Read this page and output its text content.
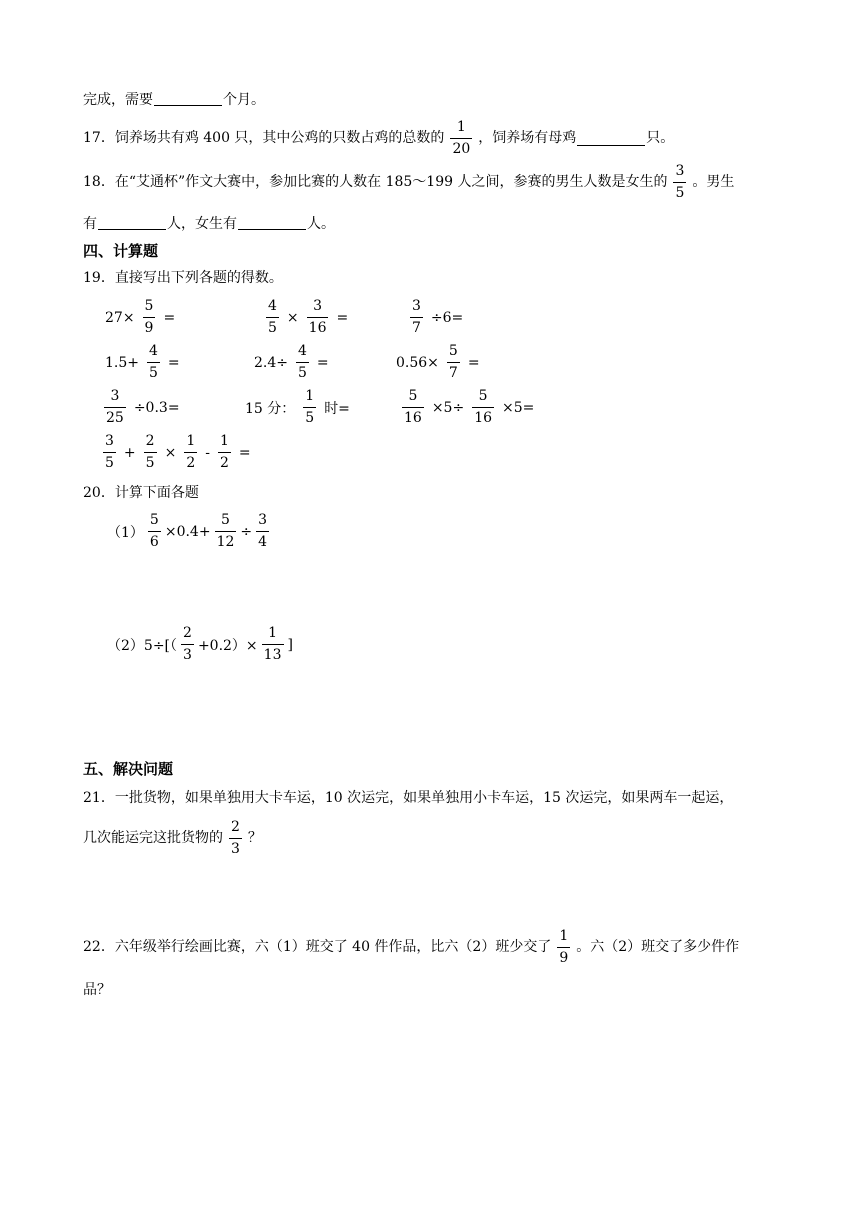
完成，需要	个月。
17．饲养场共有鸡 400 只，其中公鸡的只数占鸡的总数的 $\frac{1}{20}$ ，饲养场有母鸡	只。
18．在“艾通杯”作文大赛中，参加比赛的人数在 185～199 人之间，参赛的男生人数是女生的 $\frac{3}{5}$ 。男生
有	人，女生有	人。
四、计算题
19．直接写出下列各题的得数。
$27\times \frac{5}{9}$ =	$\frac{4}{5} \times \frac{3}{16}$ =	$\frac{3}{7} \div 6=$
$1.5+ \frac{4}{5}$ =	$2.4\div \frac{4}{5}$ =	$0.56\times \frac{5}{7}$ =
$\frac{3}{25} \div 0.3=$	15 分： $\frac{1}{5}$ 时=	$\frac{5}{16} \times 5\div \frac{5}{16} \times 5=$
$\frac{3}{5} + \frac{2}{5} \times \frac{1}{2} - \frac{1}{2}$ =
20．计算下面各题
$(1) \frac{5}{6} \times 0.4+ \frac{5}{12} \div \frac{3}{4}$
$(2)5\div[( \frac{2}{3} +0.2)\times \frac{1}{13}$ ]
五、解决问题
21．一批货物，如果单独用大卡车运，10 次运完，如果单独用小卡车运，15 次运完，如果两车一起运，
几次能运完这批货物的 $\frac{2}{3}$ ？
22．六年级举行绘画比赛，六（1）班交了 40 件作品，比六（2）班少交了 $\frac{1}{9}$ 。六（2）班交了多少件作
品？
